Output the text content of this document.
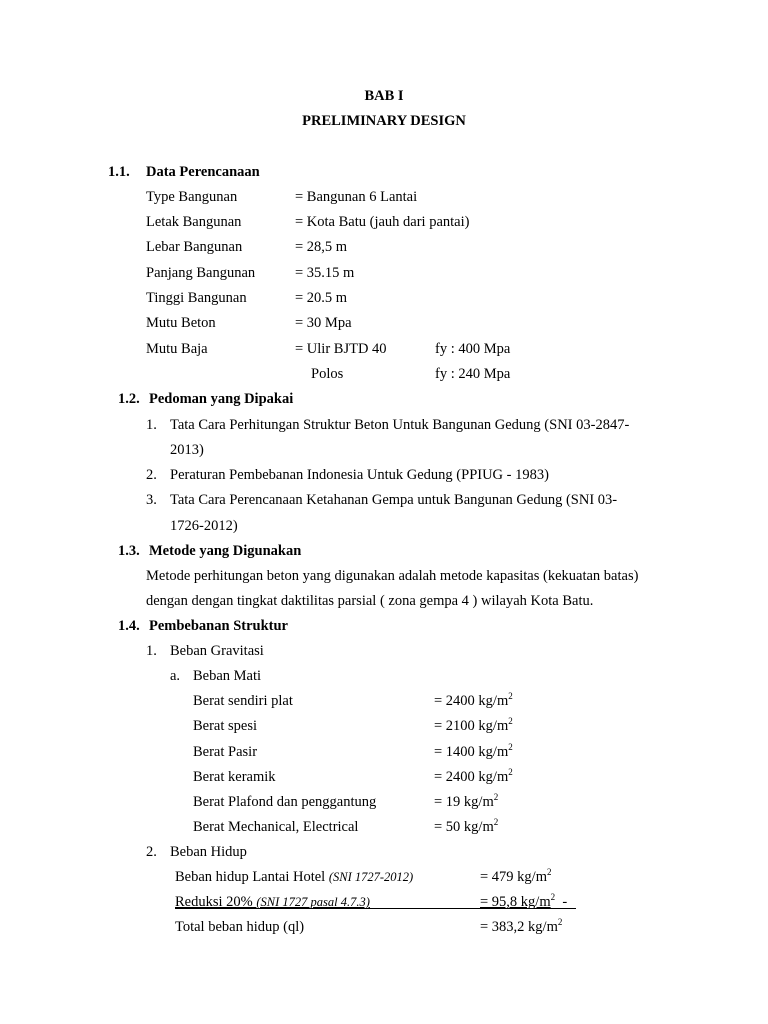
BAB I
PRELIMINARY DESIGN
1.1. Data Perencanaan
Type Bangunan	= Bangunan 6 Lantai
Letak Bangunan	= Kota Batu (jauh dari pantai)
Lebar Bangunan	= 28,5 m
Panjang Bangunan	= 35.15 m
Tinggi Bangunan	= 20.5 m
Mutu Beton	= 30 Mpa
Mutu Baja	= Ulir BJTD 40	fy : 400 Mpa
Polos	fy : 240 Mpa
1.2. Pedoman yang Dipakai
1. Tata Cara Perhitungan Struktur Beton Untuk Bangunan Gedung (SNI 03-2847-
2013)
2. Peraturan Pembebanan Indonesia Untuk Gedung (PPIUG - 1983)
3. Tata Cara Perencanaan Ketahanan Gempa untuk Bangunan Gedung (SNI 03-
1726-2012)
1.3. Metode yang Digunakan
Metode perhitungan beton yang digunakan adalah metode kapasitas (kekuatan batas)
dengan dengan tingkat daktilitas parsial ( zona gempa 4 ) wilayah Kota Batu.
1.4. Pembebanan Struktur
1. Beban Gravitasi
a. Beban Mati
Berat sendiri plat	= 2400 $kg/m^2$
Berat spesi	= 2100 $kg/m^2$
Berat Pasir	= 1400 $kg/m^2$
Berat keramik	= 2400 $kg/m^2$
Berat Plafond dan penggantung	= 19 $kg/m^2$
Berat Mechanical, Electrical	= 50 $kg/m^2$
2. Beban Hidup
Beban hidup Lantai Hotel (SNI 1727-2012)	= 479 $kg/m^2$
Reduksi 20% (SNI 1727 pasal 4.7.3)	= 95,8 $kg/m^2$  -
Total beban hidup (ql)	= 383,2 $kg/m^2$
